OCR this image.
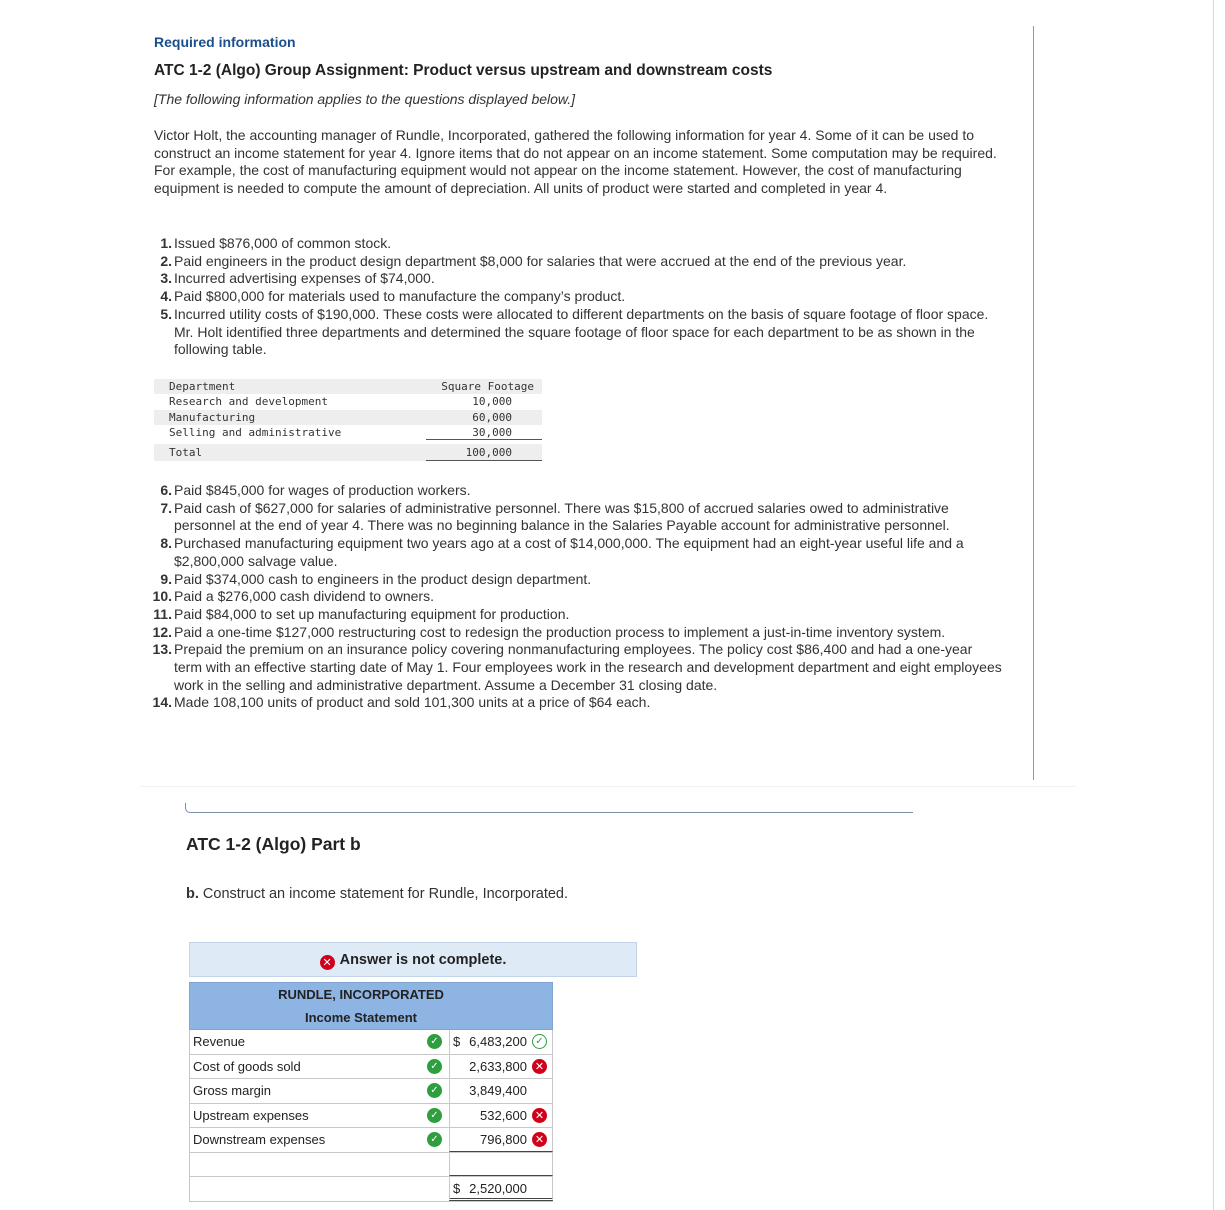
Required information
ATC 1-2 (Algo) Group Assignment: Product versus upstream and downstream costs
[The following information applies to the questions displayed below.]
Victor Holt, the accounting manager of Rundle, Incorporated, gathered the following information for year 4. Some of it can be used to construct an income statement for year 4. Ignore items that do not appear on an income statement. Some computation may be required. For example, the cost of manufacturing equipment would not appear on the income statement. However, the cost of manufacturing equipment is needed to compute the amount of depreciation. All units of product were started and completed in year 4.
1. Issued $876,000 of common stock.
2. Paid engineers in the product design department $8,000 for salaries that were accrued at the end of the previous year.
3. Incurred advertising expenses of $74,000.
4. Paid $800,000 for materials used to manufacture the company’s product.
5. Incurred utility costs of $190,000. These costs were allocated to different departments on the basis of square footage of floor space. Mr. Holt identified three departments and determined the square footage of floor space for each department to be as shown in the following table.
Department	Square Footage
Research and development	10,000
Manufacturing	60,000
Selling and administrative	30,000
Total	100,000
6. Paid $845,000 for wages of production workers.
7. Paid cash of $627,000 for salaries of administrative personnel. There was $15,800 of accrued salaries owed to administrative personnel at the end of year 4. There was no beginning balance in the Salaries Payable account for administrative personnel.
8. Purchased manufacturing equipment two years ago at a cost of $14,000,000. The equipment had an eight-year useful life and a $2,800,000 salvage value.
9. Paid $374,000 cash to engineers in the product design department.
10. Paid a $276,000 cash dividend to owners.
11. Paid $84,000 to set up manufacturing equipment for production.
12. Paid a one-time $127,000 restructuring cost to redesign the production process to implement a just-in-time inventory system.
13. Prepaid the premium on an insurance policy covering nonmanufacturing employees. The policy cost $86,400 and had a one-year term with an effective starting date of May 1. Four employees work in the research and development department and eight employees work in the selling and administrative department. Assume a December 31 closing date.
14. Made 108,100 units of product and sold 101,300 units at a price of $64 each.
ATC 1-2 (Algo) Part b
b. Construct an income statement for Rundle, Incorporated.
✕ Answer is not complete.
RUNDLE, INCORPORATED
Income Statement
Revenue	✓ $ 6,483,200 ✓
Cost of goods sold	✓ 2,633,800 ✕
Gross margin	✓ 3,849,400
Upstream expenses	✓	532,600 ✕
Downstream expenses	✓	796,800 ✕
$ 2,520,000
